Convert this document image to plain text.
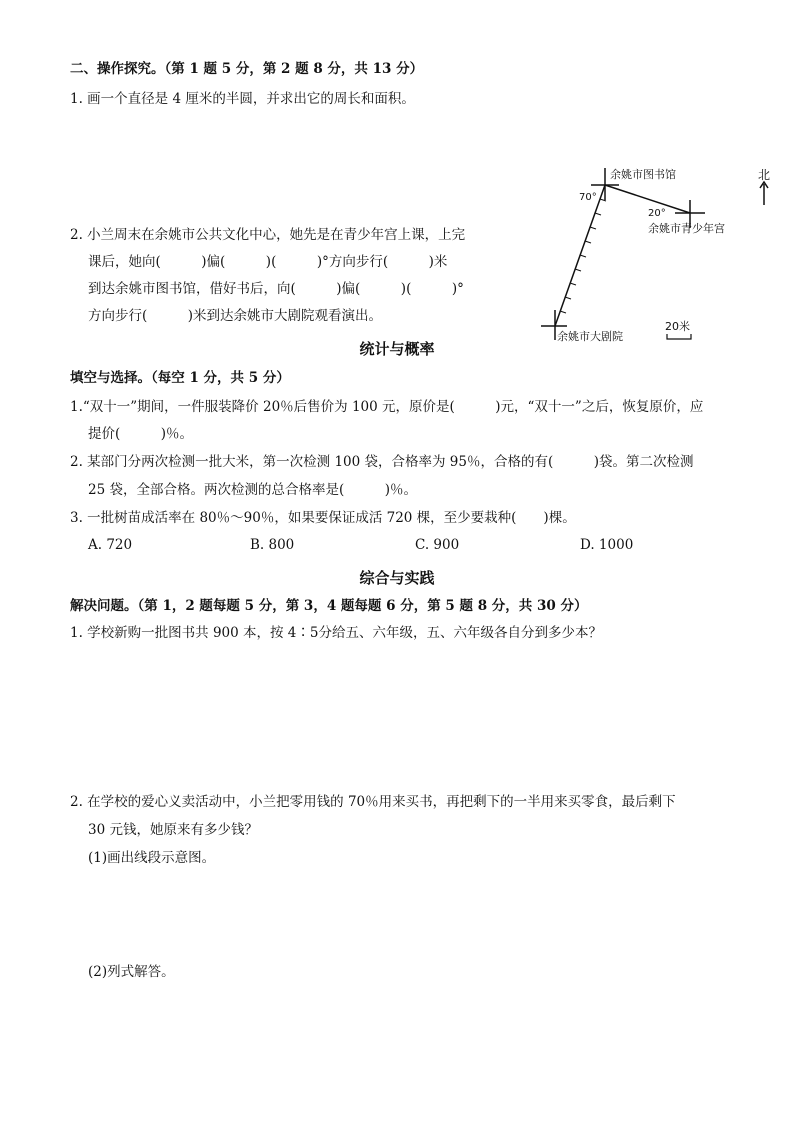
二、操作探究。（第 1 题 5 分，第 2 题 8 分，共 13 分）
1. 画一个直径是 4 厘米的半圆，并求出它的周长和面积。
2. 小兰周末在余姚市公共文化中心，她先是在青少年宫上课，上完
课后，她向(　　　)偏(　　　)(　　　)°方向步行(　　　)米
到达余姚市图书馆，借好书后，向(　　　)偏(　　　)(　　　)°
方向步行(　　　)米到达余姚市大剧院观看演出。
余姚市图书馆
余姚市青少年宫
余姚市大剧院
70°
20°
北
20米
统计与概率
填空与选择。（每空 1 分，共 5 分）
1.“双十一”期间，一件服装降价 20％后售价为 100 元，原价是(　　　)元，“双十一”之后，恢复原价，应
提价(　　　)％。
2. 某部门分两次检测一批大米，第一次检测 100 袋，合格率为 95％，合格的有(　　　)袋。第二次检测
25 袋，全部合格。两次检测的总合格率是(　　　)％。
3. 一批树苗成活率在 80％～90％，如果要保证成活 720 棵，至少要栽种(　　)棵。
A. 720	B. 800	C. 900	D. 1000
综合与实践
解决问题。（第 1，2 题每题 5 分，第 3，4 题每题 6 分，第 5 题 8 分，共 30 分）
1. 学校新购一批图书共 900 本，按 4∶5分给五、六年级，五、六年级各自分到多少本？
2. 在学校的爱心义卖活动中，小兰把零用钱的 70％用来买书，再把剩下的一半用来买零食，最后剩下
30 元钱，她原来有多少钱？
(1)画出线段示意图。
(2)列式解答。
